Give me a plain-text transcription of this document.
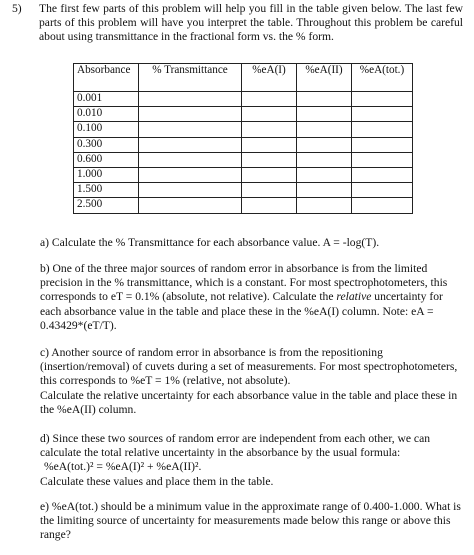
5) The first few parts of this problem will help you fill in the table given below. The last few parts of this problem will have you interpret the table. Throughout this problem be careful about using transmittance in the fractional form vs. the % form.
Absorbance	% Transmittance	%eA(I)	%eA(II)	%eA(tot.)
0.001				
0.010				
0.100				
0.300				
0.600				
1.000				
1.500				
2.500				

a) Calculate the % Transmittance for each absorbance value. A = -log(T).

b) One of the three major sources of random error in absorbance is from the limited precision in the % transmittance, which is a constant. For most spectrophotometers, this corresponds to eT = 0.1% (absolute, not relative). Calculate the relative uncertainty for each absorbance value in the table and place these in the %eA(I) column. Note: eA = 0.43429*(eT/T).

c) Another source of random error in absorbance is from the repositioning (insertion/removal) of cuvets during a set of measurements. For most spectrophotometers, this corresponds to %eT = 1% (relative, not absolute).

Calculate the relative uncertainty for each absorbance value in the table and place these in the %eA(II) column.

d) Since these two sources of random error are independent from each other, we can calculate the total relative uncertainty in the absorbance by the usual formula:

%eA(tot.)² = %eA(I)² + %eA(II)².

Calculate these values and place them in the table.

e) %eA(tot.) should be a minimum value in the approximate range of 0.400-1.000. What is the limiting source of uncertainty for measurements made below this range or above this range?
